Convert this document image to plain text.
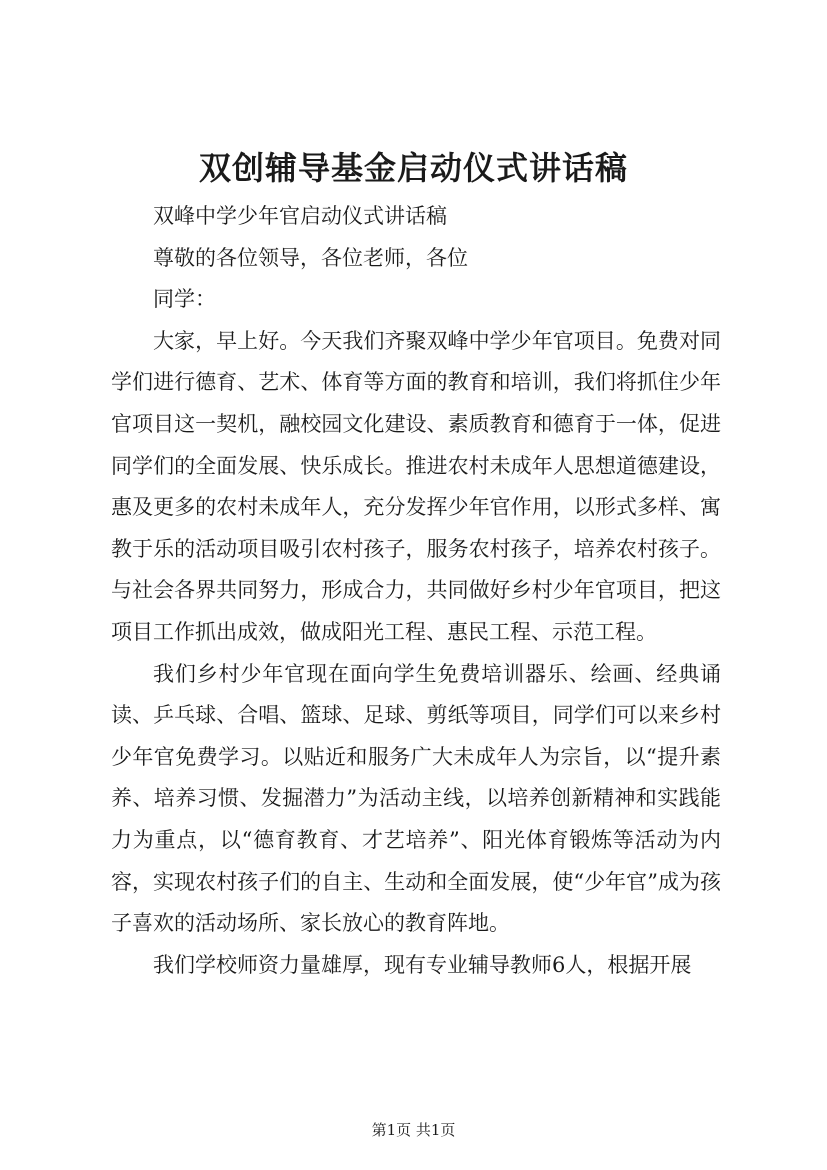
双创辅导基金启动仪式讲话稿

双峰中学少年官启动仪式讲话稿

尊敬的各位领导，各位老师，各位

同学：

大家，早上好。今天我们齐聚双峰中学少年官项目。免费对同学们进行德育、艺术、体育等方面的教育和培训，我们将抓住少年官项目这一契机，融校园文化建设、素质教育和德育于一体，促进同学们的全面发展、快乐成长。推进农村未成年人思想道德建设，惠及更多的农村未成年人，充分发挥少年官作用，以形式多样、寓教于乐的活动项目吸引农村孩子，服务农村孩子，培养农村孩子。与社会各界共同努力，形成合力，共同做好乡村少年官项目，把这项目工作抓出成效，做成阳光工程、惠民工程、示范工程。

我们乡村少年官现在面向学生免费培训器乐、绘画、经典诵读、乒乓球、合唱、篮球、足球、剪纸等项目，同学们可以来乡村少年官免费学习。以贴近和服务广大未成年人为宗旨，以“提升素养、培养习惯、发掘潜力”为活动主线，以培养创新精神和实践能力为重点，以“德育教育、才艺培养”、阳光体育锻炼等活动为内容，实现农村孩子们的自主、生动和全面发展，使“少年官”成为孩子喜欢的活动场所、家长放心的教育阵地。

我们学校师资力量雄厚，现有专业辅导教师6人，根据开展

第1页 共1页
